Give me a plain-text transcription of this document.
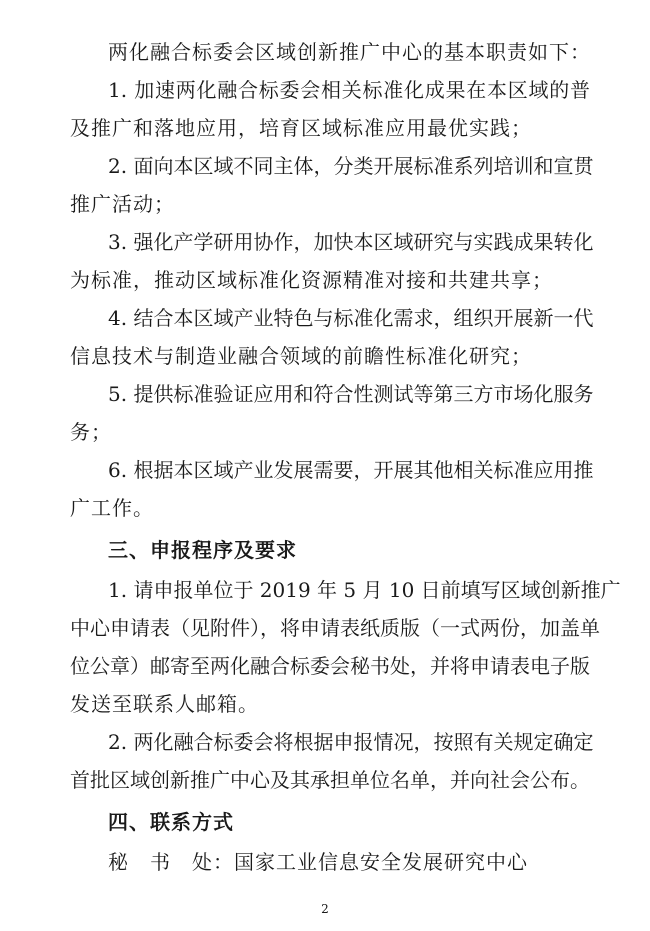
两化融合标委会区域创新推广中心的基本职责如下：
1. 加速两化融合标委会相关标准化成果在本区域的普
及推广和落地应用，培育区域标准应用最优实践；
2. 面向本区域不同主体，分类开展标准系列培训和宣贯
推广活动；
3. 强化产学研用协作，加快本区域研究与实践成果转化
为标准，推动区域标准化资源精准对接和共建共享；
4. 结合本区域产业特色与标准化需求，组织开展新一代
信息技术与制造业融合领域的前瞻性标准化研究；
5. 提供标准验证应用和符合性测试等第三方市场化服务
务；
6. 根据本区域产业发展需要，开展其他相关标准应用推
广工作。
三、申报程序及要求
1. 请申报单位于 2019 年 5 月 10 日前填写区域创新推广
中心申请表（见附件），将申请表纸质版（一式两份，加盖单
位公章）邮寄至两化融合标委会秘书处，并将申请表电子版
发送至联系人邮箱。
2. 两化融合标委会将根据申报情况，按照有关规定确定
首批区域创新推广中心及其承担单位名单，并向社会公布。
四、联系方式
秘　书　处：国家工业信息安全发展研究中心
2
